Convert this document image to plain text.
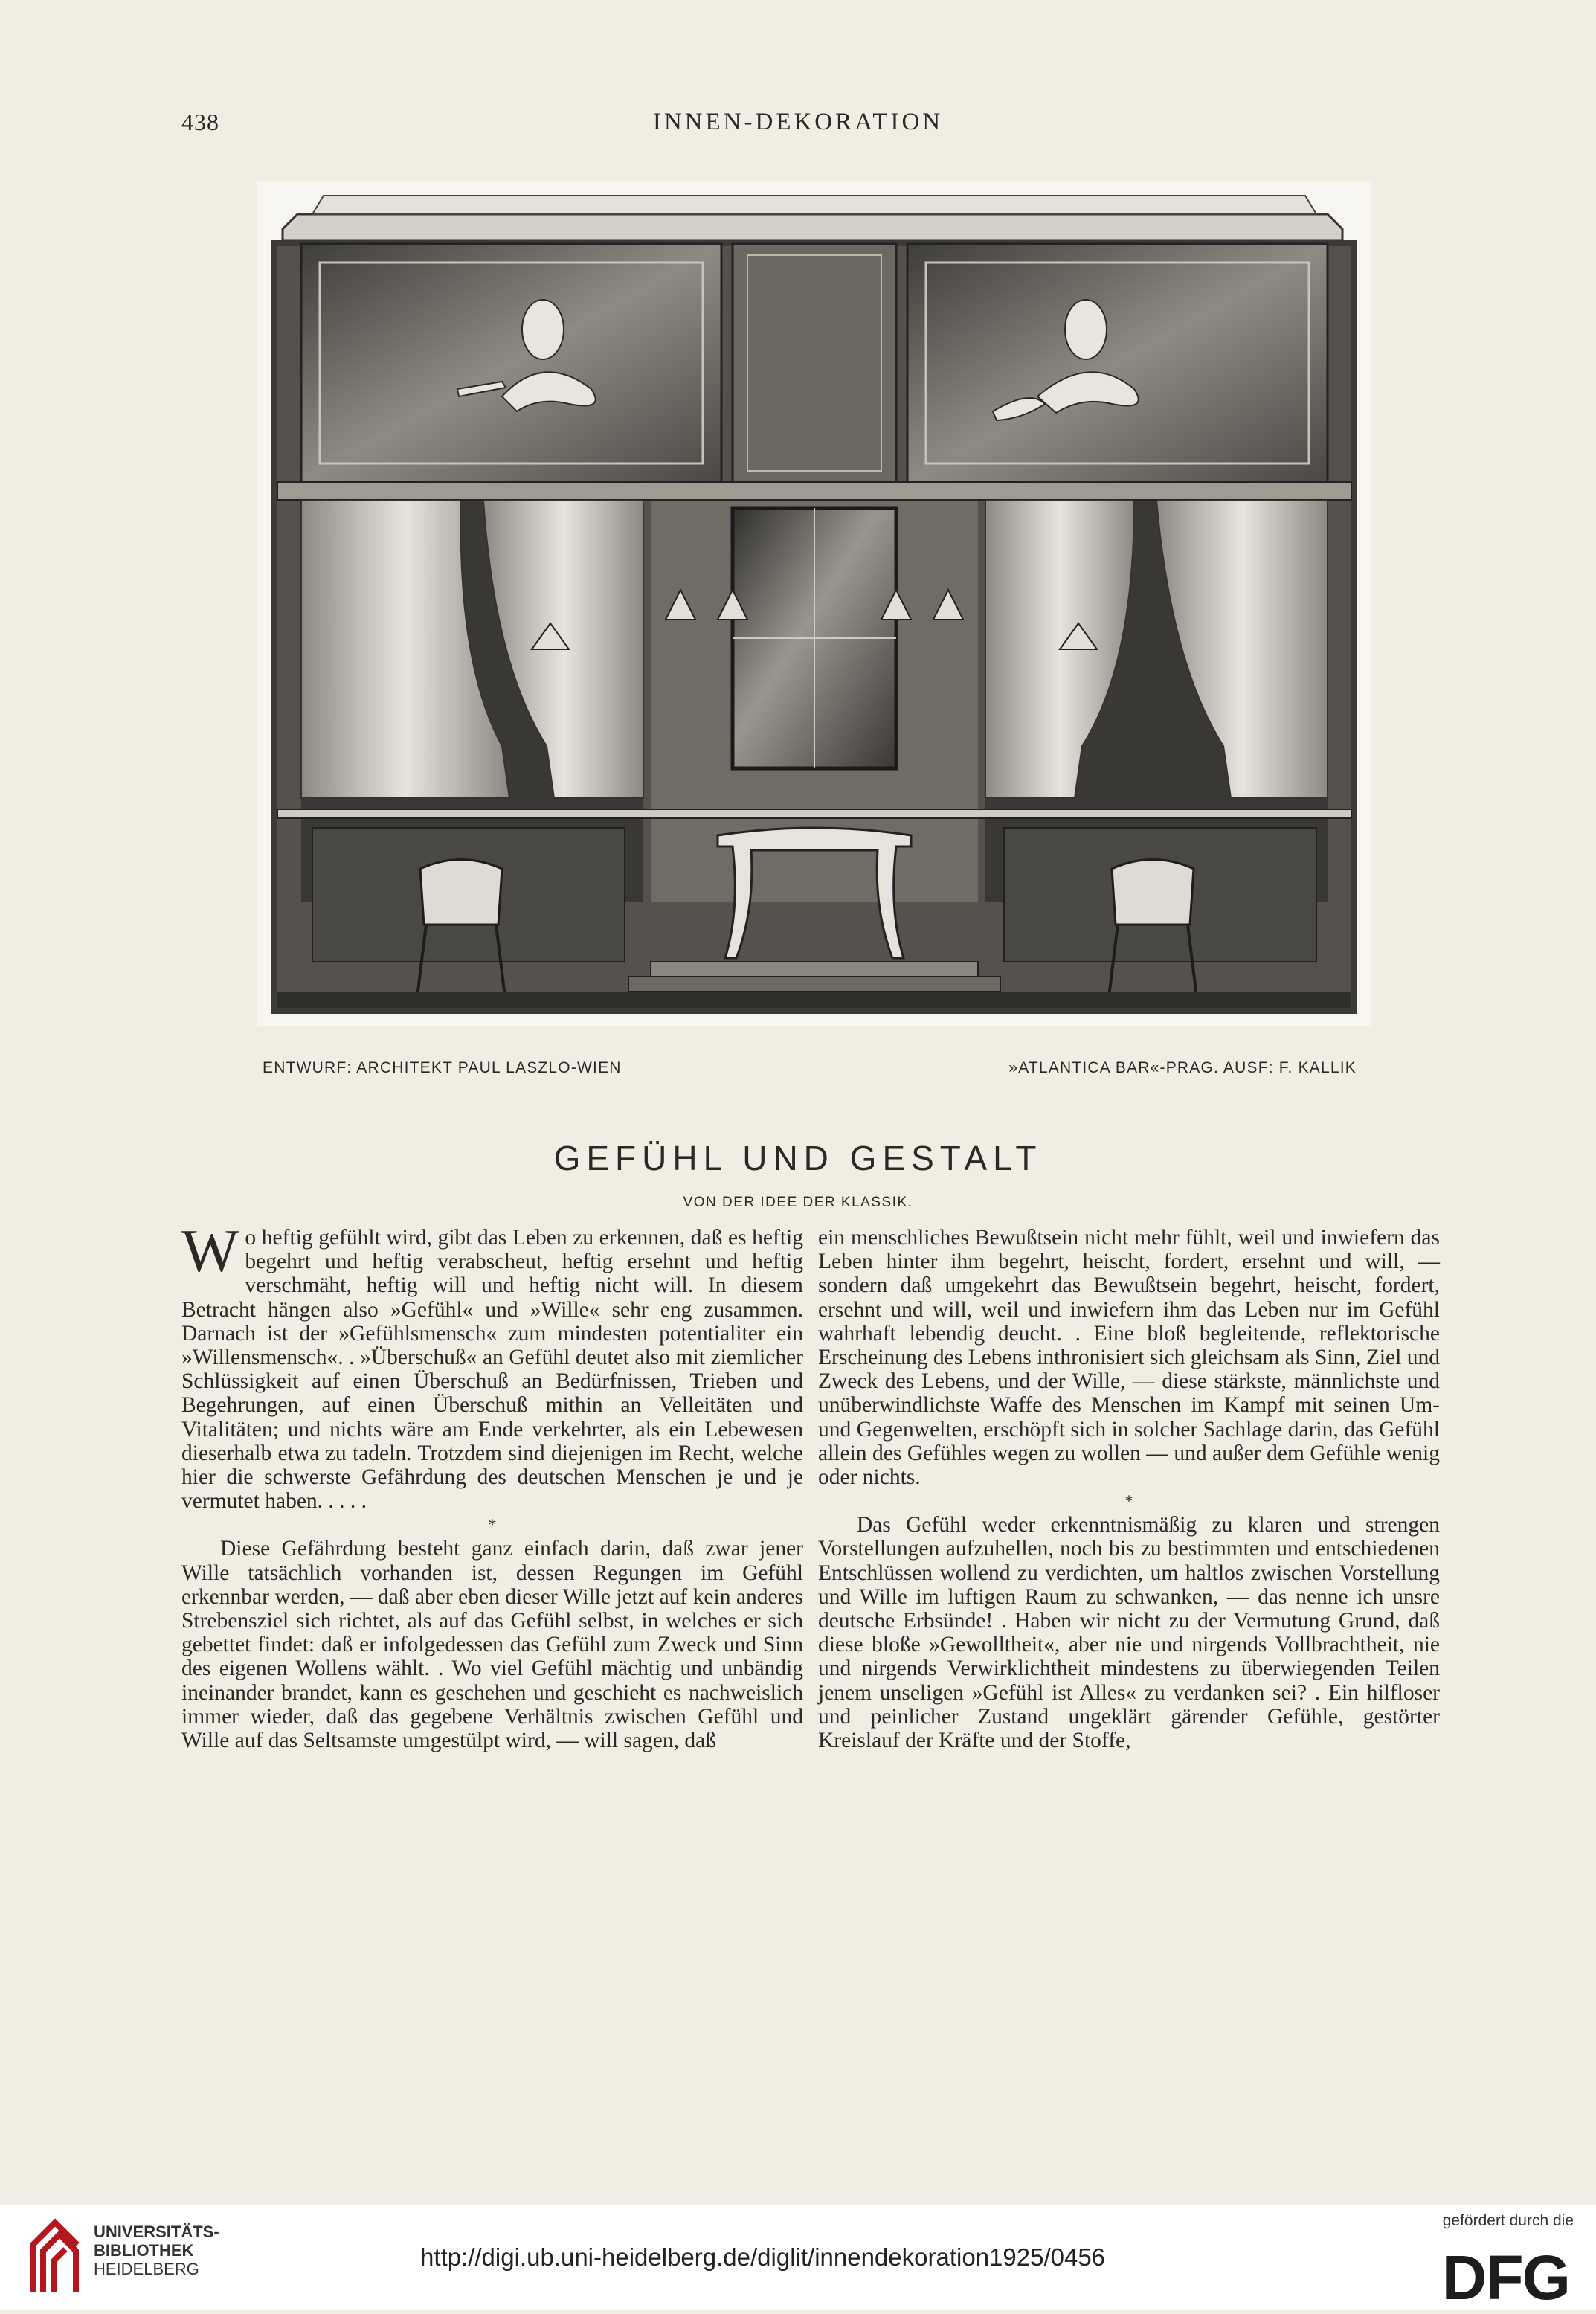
438	INNEN-DEKORATION
ENTWURF: ARCHITEKT PAUL LASZLO-WIEN	»ATLANTICA BAR«-PRAG. AUSF: F. KALLIK
GEFÜHL UND GESTALT
VON DER IDEE DER KLASSIK.

Wo heftig gefühlt wird, gibt das Leben zu erkennen, daß es heftig begehrt und heftig verabscheut, heftig ersehnt und heftig verschmäht, heftig will und heftig nicht will. In diesem Betracht hängen also »Gefühl« und »Wille« sehr eng zusammen. Darnach ist der »Gefühlsmensch« zum mindesten potentialiter ein »Willensmensch«. . »Überschuß« an Gefühl deutet also mit ziemlicher Schlüssigkeit auf einen Überschuß an Bedürfnissen, Trieben und Begehrungen, auf einen Überschuß mithin an Velleitäten und Vitalitäten; und nichts wäre am Ende verkehrter, als ein Lebewesen dieserhalb etwa zu tadeln. Trotzdem sind diejenigen im Recht, welche hier die schwerste Gefährdung des deutschen Menschen je und je vermutet haben. . . . .

*

Diese Gefährdung besteht ganz einfach darin, daß zwar jener Wille tatsächlich vorhanden ist, dessen Regungen im Gefühl erkennbar werden, — daß aber eben dieser Wille jetzt auf kein anderes Strebensziel sich richtet, als auf das Gefühl selbst, in welches er sich gebettet findet: daß er infolgedessen das Gefühl zum Zweck und Sinn des eigenen Wollens wählt. . Wo viel Gefühl mächtig und unbändig ineinander brandet, kann es geschehen und geschieht es nachweislich immer wieder, daß das gegebene Verhältnis zwischen Gefühl und Wille auf das Seltsamste umgestülpt wird, — will sagen, daß

ein menschliches Bewußtsein nicht mehr fühlt, weil und inwiefern das Leben hinter ihm begehrt, heischt, fordert, ersehnt und will, — sondern daß umgekehrt das Bewußtsein begehrt, heischt, fordert, ersehnt und will, weil und inwiefern ihm das Leben nur im Gefühl wahrhaft lebendig deucht. . Eine bloß begleitende, reflektorische Erscheinung des Lebens inthronisiert sich gleichsam als Sinn, Ziel und Zweck des Lebens, und der Wille, — diese stärkste, männlichste und unüberwindlichste Waffe des Menschen im Kampf mit seinen Um- und Gegenwelten, erschöpft sich in solcher Sachlage darin, das Gefühl allein des Gefühles wegen zu wollen — und außer dem Gefühle wenig oder nichts.

*

Das Gefühl weder erkenntnismäßig zu klaren und strengen Vorstellungen aufzuhellen, noch bis zu bestimmten und entschiedenen Entschlüssen wollend zu verdichten, um haltlos zwischen Vorstellung und Wille im luftigen Raum zu schwanken, — das nenne ich unsre deutsche Erbsünde! . Haben wir nicht zu der Vermutung Grund, daß diese bloße »Gewolltheit«, aber nie und nirgends Vollbrachtheit, nie und nirgends Verwirklichtheit mindestens zu überwiegenden Teilen jenem unseligen »Gefühl ist Alles« zu verdanken sei? . Ein hilfloser und peinlicher Zustand ungeklärt gärender Gefühle, gestörter Kreislauf der Kräfte und der Stoffe,

UNIVERSITÄTS-
BIBLIOTHEK
HEIDELBERG	http://digi.ub.uni-heidelberg.de/diglit/innendekoration1925/0456
gefördert durch die
DFG
